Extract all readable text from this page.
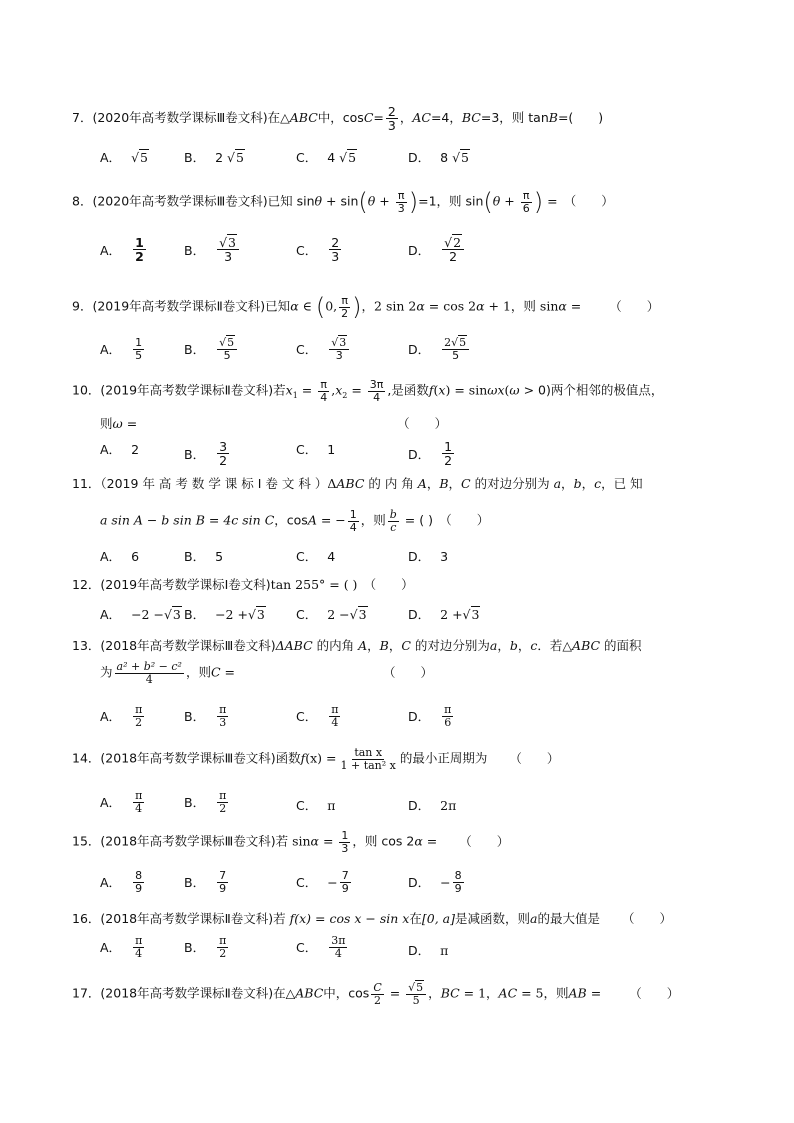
7．(2020年高考数学课标Ⅲ卷文科)在△ABC中，$\cos C= \frac{2}{3}$ ，AC=4，BC=3，则 tanB=(　　)
A． √5	B． 2
√5	C． 4
√5	D． 8
√5
8．(2020年高考数学课标Ⅲ卷文科)已知 $\sin\theta + \sin(\theta + \frac{\pi}{3} )=1$，则 $\sin(\theta + \frac{\pi}{6}$ ) =　（　　）
A． $\frac{1}{2}$	B． $\frac{√3}{3}$	C． $\frac{2}{3}$	D． $\frac{√2}{2}$
9．(2019年高考数学课标Ⅱ卷文科)已知α ∈ (0, $\frac{\pi}{2}$ )，2 sin 2α = cos 2α + 1，则 sinα = （　　）
A． $\frac{1}{5}$	B． $\frac{√5}{5}$	C． $\frac{√3}{3}$	D． $\frac{2√5}{5}$
10．(2019年高考数学课标Ⅱ卷文科)若$x_1 = \frac{\pi}{4} ,x_2 = \frac{3\pi}{4}$ ,是函数f(x) = sinωx(ω > 0)两个相邻的极值点，
则ω =	（　　）
A． 2	B． $\frac{3}{2}$	C． 1	D． $\frac{1}{2}$
11．（2019 年 高 考 数 学 课 标 Ⅰ 卷 文 科 ）ΔABC 的 内 角 A，B，C 的对边分别为 a，b，c，已 知
a sin A − b sin B = 4c sin C，cosA = − $\frac{1}{4}$ ，则 $\frac{b}{c}$ = ( )　（　　）
A． 6	B． 5	C． 4	D． 3
12．(2019年高考数学课标Ⅰ卷文科)tan 255° = ( )　（　　）
A． −2 − √3 B． −2 + √3 C． 2 − √3	D． 2 + √3
13．(2018年高考数学课标Ⅲ卷文科)ΔABC 的内角 A，B，C 的对边分别为a，b，c．若△ABC 的面积
为 $\frac{\text{a² + b² − c²}}{4}$ ，则C =	（　　）
A． $\frac{\pi}{2}$	B． $\frac{\pi}{3}$	C． $\frac{\pi}{4}$	D． $\frac{\pi}{6}$
14．(2018年高考数学课标Ⅲ卷文科)函数$f(x) = \frac{\text{tan x}}{\text{1 + tan² x}}$ 的最小正周期为 （　　）
A． $\frac{\pi}{4}$	B． $\frac{\pi}{2}$	C． π	D． 2π
15．(2018年高考数学课标Ⅲ卷文科)若 $\sin\alpha = \frac{1}{3}$ ，则 cos 2α = （　　）
A． $\frac{8}{9}$	B． $\frac{7}{9}$	C． − $\frac{7}{9}$	D． − $\frac{8}{9}$
16．(2018年高考数学课标Ⅱ卷文科)若 f(x) = cos x − sin x在[0, a]是减函数，则a的最大值是 （　　）
A． $\frac{\pi}{4}$	B． $\frac{\pi}{2}$	C． $\frac{3\pi}{4}$	D． π
17．(2018年高考数学课标Ⅱ卷文科)在△ABC中，$\cos \frac{C}{2} = \frac{√5}{5}$ ，BC = 1，AC = 5，则AB = （　　）
